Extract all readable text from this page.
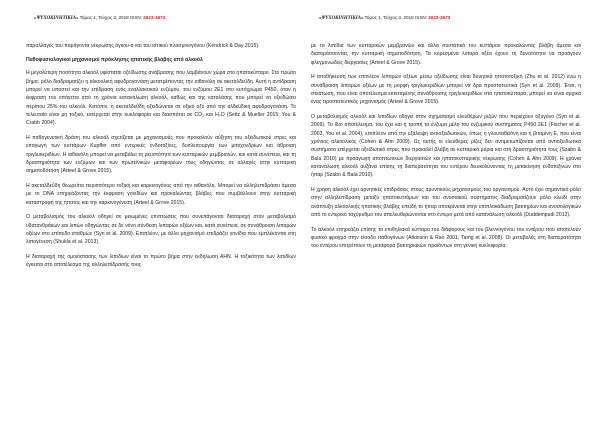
«ΨΥΧΟΚΙΝΗΤΙΚΙΑ» Τόμος 1, Τεύχος 3, 2018 ISSN: 2623-3673

παραλλαγές του παράγοντα νέκρωσης όγκου-α και του ιστικού πλασμινογόνου (Kendrick & Day 2015).

Παθοφυσιολογικοί μηχανισμοί πρόκλησης ηπατικής βλάβης από αλκοόλ

Η μεγαλύτερη ποσότητα αλκοόλ υφίσταται οξείδωσης ανάβρασης που λαμβάνουν χώρα στο ηπατοκύτταρο. Στο πρώτο βήμα, ρόλο διαδραματίζει η αλκοολική αφυδρογονάση μετατρέποντας την αιθανόλη σε ακεταλδεΰδη. Αυτή η αντίδραση μπορεί να υποστεί και την επίδραση ενός εναλλακτικού ενζύμου, του ενζύμου 2Ε1 στο κυτόχρωμα P450, όταν η έκφραση του επάγεται από τη χρόνια κατανάλωση αλκοόλ, καθώς και της καταλάσης που μπορεί να οξειδώσει περίπου 25% του αλκοόλ. Κατόπιν, η ακεταλδεΰδη οξειδώνεται σε οξικό οξύ από την αλδεϋδική αφυδρογονάση. Το τελευταίο είναι μη τοξικό, εισέρχεται στην κυκλοφορία και διασπάται σε CO₂ και H₂O (Seitz & Mueller 2015; You & Crabb 2004).

Η παθογενετική δράση του αλκοόλ σχετίζεται με μηχανισμούς που προκαλούν αύξηση του οξειδωτικού στρες και επαγωγή των κυττάρων Kupffer από εντερικές ενδοτοξίνες, δυσλειτουργία των μιτοχονδρίων και άθροιση τριγλυκεριδίων. Η αιθανόλη μπορεί να μεταβάλει τη ρευστότητα των κυτταρικών μεμβρανών, και κατά συνέπεια, και τη δραστηριότητα των ενζύμων και των πρωτεϊνικών μεταφορέων τους οδηγώντας σε αλλαγές στην κυτταρική σηματοδότηση (Arteel & Grove 2015).

Η ακεταλδεΰδη θεωρείται περισσότερο τοξική και καρκινογόνος από την αιθανόλη. Μπορεί να αλληλεπιδράσει άμεσα με το DNA επηρεάζοντας την έκφραση γονιδίων και προκαλώντας βλάβες που συμβάλλουν στην κυτταρική καταστροφή της ήπατος και την καρκινογένεση (Arteel & Grove 2015).

Ο μεταβολισμός του αλκοόλ οδηγεί σε μειωμένες επιπτώσεις που συνεπάγονται διαταραχή στον μεταβολισμό υδατανθράκων και λιπών οδηγώντας σε δε νόνο σύνθεση λιπαρών οξέων και, κατά συνέπεια, σε συνάθροιση λιπαρών οξέων στο επίπεδο σταθμών (Syn et al. 2009). Επιπλέον, με άλλο μηχανισμό επιδράζει γονίδια που εμπλέκονται στη λιπογένεση (Shukla et al. 2013).

Η διαταραχή της ομοιόστασης των λιπιδίων είναι το πρώτο βήμα στην εκδήλωση ΑΗΝ. Η τοξικότητα των λιπιδίων έγκειται στο αποτέλεσμα της αλληλεπίδρασής τους

«ΨΥΧΟΚΙΝΗΤΙΚΙΑ» Τόμος 1, Τεύχος 3, 2018 ISSN: 2623-3673

με τα λιπίδια των κυτταρικών μεμβρανών και άλλα συστατικά του κυττάρου προκαλώντας βλάβη άμεσα και διαταράσσοντας την κυτταρική σηματοδότηση. Τα κορεσμένα λιπαρά οξέα έχουν τη δυνατότητα να προάγουν φλεγμονώδεις διεργασίες (Arteel & Grove 2015).

Η αποθήκευση των επιπλέον λιπαρών οξέων μέσω οξείδωσης είναι δυνητικά ηπατοτοξική (Zhu et al. 2012) ενώ η συνάθροιση λιπαρών οξέων με τη μορφή τριγλυκεριδίων μπορεί να δρα προστατευτικά (Syn et al. 2009). Έτσι, η στεάτωση, που είναι αποτέλεσμα εκτεταμένης συνάθροισης τριγλυκεριδίων στα ηπατοκύτταρα, μπορεί να είναι αρχικά ένας προστατευτικός μηχανισμός (Arteel & Grove 2015).

Ο μεταβολισμός αλκοόλ και λιπιδίων οδηγεί στον σχηματισμό ελευθέρων ριζών που περιέχουν οξυγόνο (Syn et al. 2009). Το ίδιο αποτέλεσμα, του έχει και η τροπή τα ένζυμα μέλη του ενζυμικού συστήματος P450 2E1 (Fischer et al. 2003, You et al. 2004), επιπλέον από την εξάλειψη αντιοξειδωτικών, όπως η γλουταθειόνη και η βιταμίνη Ε, που είναι χρόνιος αλκοολικός (Cohen & Ahn 2009). Ως αυτής οι ελεύθερες ρίζες δεν αντιμετωπίζονται από αντιοξειδωτικά συστήματα επέρχεται οξειδωτικό στρες που προκαλεί βλάβη σε κυτταρικά μόρια και στη δραστηριότητα τους (Szabo & Bala 2010) με προαγωγή αποπτωτικών διεργασιών και ηπατοκυτταρικής νέκρωσης (Cohen & Ahn 2009). Η χρόνια κατανάλωση αλκοόλ αυξάνει επίσης τη διαπερατότητα του εντέρου διευκολύνοντας τη μετακίνηση ενδοτοξινών στο ήπαρ (Szabo & Bala 2010).

Η χρήση αλκοόλ έχει αρνητικές επιδράσεις στους αμυντικούς μηχανισμούς του οργανισμού. Αυτό έχει σημαντικό ρόλο στην αλληλεπίδραση μεταξύ ηπατοκυττάρων και του ανοσιακού συστήματος διαδραματίζουν ρόλο κλειδί στην ανάπτυξη αλκοολικής ηπατικής βλάβης επειδή το ήπαρ αποκρίνεται στην επιπλοκάδωση βακτηρίων και ανοσολογικών από το εντερικό ταχύρυθμο του απελευθερώνονται στο έντερο μετά από κατανάλωση αλκοόλ (Duddempudi 2012).

Το αλκοόλ επηρεάζει επίσης τα επιθηλιακά κύτταρα του διάφορους και του βλεννογόνου του εντέρου που αποτελούν φυσικό φραγμό στην είσοδο παθογόνων (Atkinson & Rao 2001, Tamg et al. 2008). Οι μεταβολές στη διαπερατότητα του εντέρου επιτρέπουν τη μεταφορά βακτηριακών προϊόντων στη γενική κυκλοφορία
